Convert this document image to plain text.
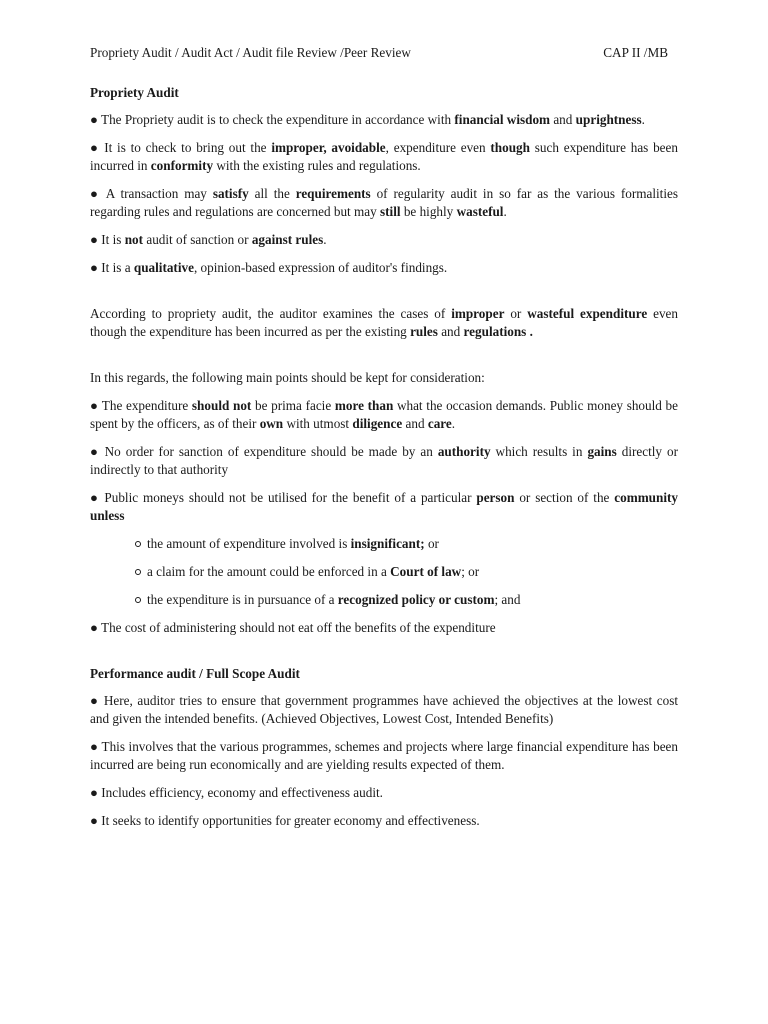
Propriety Audit / Audit Act / Audit file Review /Peer Review	CAP II /MB
Propriety Audit

● The Propriety audit is to check the expenditure in accordance with financial wisdom and uprightness.

● It is to check to bring out the improper, avoidable, expenditure even though such expenditure has been incurred in conformity with the existing rules and regulations.

● A transaction may satisfy all the requirements of regularity audit in so far as the various formalities regarding rules and regulations are concerned but may still be highly wasteful.

● It is not audit of sanction or against rules.

● It is a qualitative, opinion-based expression of auditor's findings.

According to propriety audit, the auditor examines the cases of improper or wasteful expenditure even though the expenditure has been incurred as per the existing rules and regulations .

In this regards, the following main points should be kept for consideration:

● The expenditure should not be prima facie more than what the occasion demands. Public money should be spent by the officers, as of their own with utmost diligence and care.

● No order for sanction of expenditure should be made by an authority which results in gains directly or indirectly to that authority

● Public moneys should not be utilised for the benefit of a particular person or section of the community unless

the amount of expenditure involved is insignificant; or
a claim for the amount could be enforced in a Court of law; or
the expenditure is in pursuance of a recognized policy or custom; and

● The cost of administering should not eat off the benefits of the expenditure

Performance audit / Full Scope Audit

● Here, auditor tries to ensure that government programmes have achieved the objectives at the lowest cost and given the intended benefits. (Achieved Objectives, Lowest Cost, Intended Benefits)

● This involves that the various programmes, schemes and projects where large financial expenditure has been incurred are being run economically and are yielding results expected of them.

● Includes efficiency, economy and effectiveness audit.

● It seeks to identify opportunities for greater economy and effectiveness.
